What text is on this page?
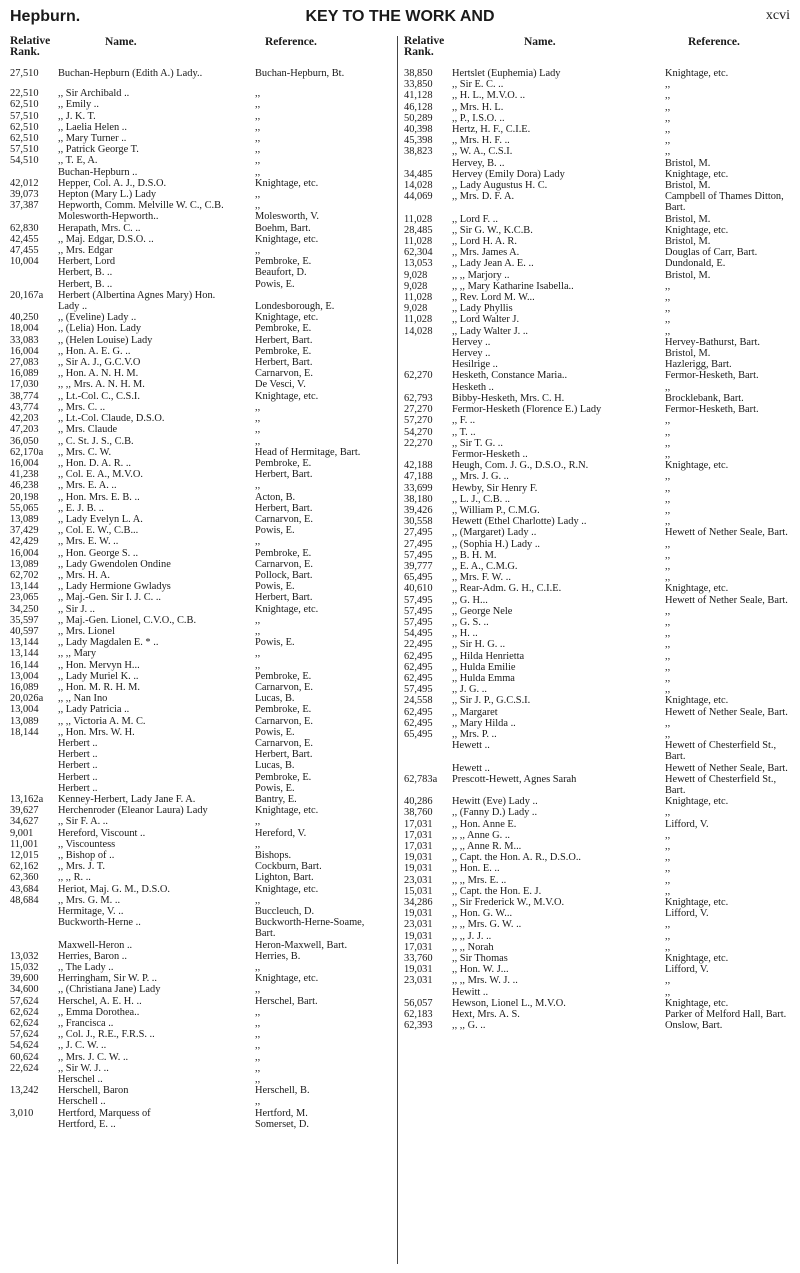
Hepburn.	KEY TO THE WORK AND	xcvi
Relative Rank.
Name.	Reference.
27,510	Buchan-Hepburn (Edith A.) Lady..	Buchan-Hepburn, Bt.
22,510	,, Sir Archibald ..	,,
62,510	,, Emily ..	,,
57,510	,, J. K. T.	,,
62,510	,, Laelia Helen ..	,,
62,510	,, Mary Turner ..	,,
57,510	,, Patrick George T.	,,
54,510	,, T. E, A.	,,
Buchan-Hepburn ..	,,
42,012	Hepper, Col. A. J., D.S.O.	Knightage, etc.
39,073	Hepton (Mary L.) Lady	,,
37,387	Hepworth, Comm. Melville W. C., C.B.	,,
Molesworth-Hepworth..	Molesworth, V.
62,830	Herapath, Mrs. C. ..	Boehm, Bart.
42,455	,, Maj. Edgar, D.S.O. ..	Knightage, etc.
47,455	,, Mrs. Edgar	,,
10,004	Herbert, Lord	Pembroke, E.
Herbert, B. ..	Beaufort, D.
Herbert, B. ..	Powis, E.
20,167a	Herbert (Albertina Agnes Mary) Hon.
Lady ..	Londesborough, E.
40,250	,, (Eveline) Lady ..	Knightage, etc.
18,004	,, (Lelia) Hon. Lady	Pembroke, E.
33,083	,, (Helen Louise) Lady	Herbert, Bart.
16,004	,, Hon. A. E. G. ..	Pembroke, E.
27,083	,, Sir A. J., G.C.V.O	Herbert, Bart.
16,089	,, Hon. A. N. H. M.	Carnarvon, E.
17,030	,, ,, Mrs. A. N. H. M.	De Vesci, V.
38,774	,, Lt.-Col. C., C.S.I.	Knightage, etc.
43,774	,, Mrs. C. ..	,,
42,203	,, Lt.-Col. Claude, D.S.O.	,,
47,203	,, Mrs. Claude	,,
36,050	,, C. St. J. S., C.B.	,,
62,170a	,, Mrs. C. W.	Head of Hermitage, Bart.
16,004	,, Hon. D. A. R. ..	Pembroke, E.
41,238	,, Col. E. A., M.V.O.	Herbert, Bart.
46,238	,, Mrs. E. A. ..	,,
20,198	,, Hon. Mrs. E. B. ..	Acton, B.
55,065	,, E. J. B. ..	Herbert, Bart.
13,089	,, Lady Evelyn L. A.	Carnarvon, E.
37,429	,, Col. E. W., C.B...	Powis, E.
42,429	,, Mrs. E. W. ..	,,
16,004	,, Hon. George S. ..	Pembroke, E.
13,089	,, Lady Gwendolen Ondine	Carnarvon, E.
62,702	,, Mrs. H. A.	Pollock, Bart.
13,144	,, Lady Hermione Gwladys	Powis, E.
23,065	,, Maj.-Gen. Sir I. J. C. ..	Herbert, Bart.
34,250	,, Sir J. ..	Knightage, etc.
35,597	,, Maj.-Gen. Lionel, C.V.O., C.B.	,,
40,597	,, Mrs. Lionel	,,
13,144	,, Lady Magdalen E. * ..	Powis, E.
13,144	,, ,, Mary	,,
16,144	,, Hon. Mervyn H...	,,
13,004	,, Lady Muriel K. ..	Pembroke, E.
16,089	,, Hon. M. R. H. M.	Carnarvon, E.
20,026a	,, ,, Nan Ino	Lucas, B.
13,004	,, Lady Patricia ..	Pembroke, E.
13,089	,, ,, Victoria A. M. C.	Carnarvon, E.
18,144	,, Hon. Mrs. W. H.	Powis, E.
Herbert ..	Carnarvon, E.
Herbert ..	Herbert, Bart.
Herbert ..	Lucas, B.
Herbert ..	Pembroke, E.
Herbert ..	Powis, E.
13,162a	Kenney-Herbert, Lady Jane F. A.	Bantry, E.
39,627	Herchenroder (Eleanor Laura) Lady	Knightage, etc.
34,627	,, Sir F. A. ..	,,
9,001	Hereford, Viscount ..	Hereford, V.
11,001	,, Viscountess	,,
12,015	,, Bishop of ..	Bishops.
62,162	,, Mrs. J. T.	Cockburn, Bart.
62,360	,, ,, R. ..	Lighton, Bart.
43,684	Heriot, Maj. G. M., D.S.O.	Knightage, etc.
48,684	,, Mrs. G. M. ..	,,
Hermitage, V. ..	Buccleuch, D.
Buckworth-Herne ..	Buckworth-Herne-Soame, Bart.
Maxwell-Heron ..	Heron-Maxwell, Bart.
13,032	Herries, Baron ..	Herries, B.
15,032	,, The Lady ..	,,
39,600	Herringham, Sir W. P. ..	Knightage, etc.
34,600	,, (Christiana Jane) Lady	,,
57,624	Herschel, A. E. H. ..	Herschel, Bart.
62,624	,, Emma Dorothea..	,,
62,624	,, Francisca ..	,,
57,624	,, Col. J., R.E., F.R.S. ..	,,
54,624	,, J. C. W. ..	,,
60,624	,, Mrs. J. C. W. ..	,,
22,624	,, Sir W. J. ..	,,
Herschel ..	,,
13,242	Herschell, Baron	Herschell, B.
Herschell ..	,,
3,010	Hertford, Marquess of	Hertford, M.
Hertford, E. ..	Somerset, D.
Relative Rank.
Name.	Reference.
38,850	Hertslet (Euphemia) Lady	Knightage, etc.
33,850	,, Sir E. C. ..	,,
41,128	,, H. L., M.V.O. ..	,,
46,128	,, Mrs. H. L.	,,
50,289	,, P., I.S.O. ..	,,
40,398	Hertz, H. F., C.I.E.	,,
45,398	,, Mrs. H. F. ..	,,
38,823	,, W. A., C.S.I.	,,
Hervey, B. ..	Bristol, M.
34,485	Hervey (Emily Dora) Lady	Knightage, etc.
14,028	,, Lady Augustus H. C.	Bristol, M.
44,069	,, Mrs. D. F. A.	Campbell of Thames Ditton, Bart.
11,028	,, Lord F. ..	Bristol, M.
28,485	,, Sir G. W., K.C.B.	Knightage, etc.
11,028	,, Lord H. A. R.	Bristol, M.
62,304	,, Mrs. James A.	Douglas of Carr, Bart.
13,053	,, Lady Jean A. E. ..	Dundonald, E.
9,028	,, ,, Marjory ..	Bristol, M.
9,028	,, ,, Mary Katharine Isabella..	,,
11,028	,, Rev. Lord M. W...	,,
9,028	,, Lady Phyllis	,,
11,028	,, Lord Walter J.	,,
14,028	,, Lady Walter J. ..	,,
Hervey ..	Hervey-Bathurst, Bart.
Hervey ..	Bristol, M.
Hesilrige ..	Hazlerigg, Bart.
62,270	Hesketh, Constance Maria..	Fermor-Hesketh, Bart.
Hesketh ..	,,
62,793	Bibby-Hesketh, Mrs. C. H.	Brocklebank, Bart.
27,270	Fermor-Hesketh (Florence E.) Lady	Fermor-Hesketh, Bart.
57,270	,, F. ..	,,
54,270	,, T. ..	,,
22,270	,, Sir T. G. ..	,,
Fermor-Hesketh ..	,,
42,188	Heugh, Com. J. G., D.S.O., R.N.	Knightage, etc.
47,188	,, Mrs. J. G. ..	,,
33,699	Hewby, Sir Henry F.	,,
38,180	,, L. J., C.B. ..	,,
39,426	,, William P., C.M.G.	,,
30,558	Hewett (Ethel Charlotte) Lady ..	,,
27,495	,, (Margaret) Lady ..	Hewett of Nether Seale, Bart.
27,495	,, (Sophia H.) Lady ..	,,
57,495	,, B. H. M.	,,
39,777	,, E. A., C.M.G.	,,
65,495	,, Mrs. F. W. ..	,,
40,610	,, Rear-Adm. G. H., C.I.E.	Knightage, etc.
57,495	,, G. H...	Hewett of Nether Seale, Bart.
57,495	,, George Nele	,,
57,495	,, G. S. ..	,,
54,495	,, H. ..	,,
22,495	,, Sir H. G. ..	,,
62,495	,, Hilda Henrietta	,,
62,495	,, Hulda Emilie	,,
62,495	,, Hulda Emma	,,
57,495	,, J. G. ..	,,
24,558	,, Sir J. P., G.C.S.I.	Knightage, etc.
62,495	,, Margaret	Hewett of Nether Seale, Bart.
62,495	,, Mary Hilda ..	,,
65,495	,, Mrs. P. ..	,,
Hewett ..	Hewett of Chesterfield St., Bart.
Hewett ..	Hewett of Nether Seale, Bart.
62,783a	Prescott-Hewett, Agnes Sarah	Hewett of Chesterfield St., Bart.
40,286	Hewitt (Eve) Lady ..	Knightage, etc.
38,760	,, (Fanny D.) Lady ..	,,
17,031	,, Hon. Anne E.	Lifford, V.
17,031	,, ,, Anne G. ..	,,
17,031	,, ,, Anne R. M...	,,
19,031	,, Capt. the Hon. A. R., D.S.O..	,,
19,031	,, Hon. E. ..	,,
23,031	,, ,, Mrs. E. ..	,,
15,031	,, Capt. the Hon. E. J.	,,
34,286	,, Sir Frederick W., M.V.O.	Knightage, etc.
19,031	,, Hon. G. W...	Lifford, V.
23,031	,, ,, Mrs. G. W. ..	,,
19,031	,, ,, J. J. ..	,,
17,031	,, ,, Norah	,,
33,760	,, Sir Thomas	Knightage, etc.
19,031	,, Hon. W. J...	Lifford, V.
23,031	,, ,, Mrs. W. J. ..	,,
Hewitt ..	,,
56,057	Hewson, Lionel L., M.V.O.	Knightage, etc.
62,183	Hext, Mrs. A. S.	Parker of Melford Hall, Bart.
62,393	,, ,, G. ..	Onslow, Bart.
